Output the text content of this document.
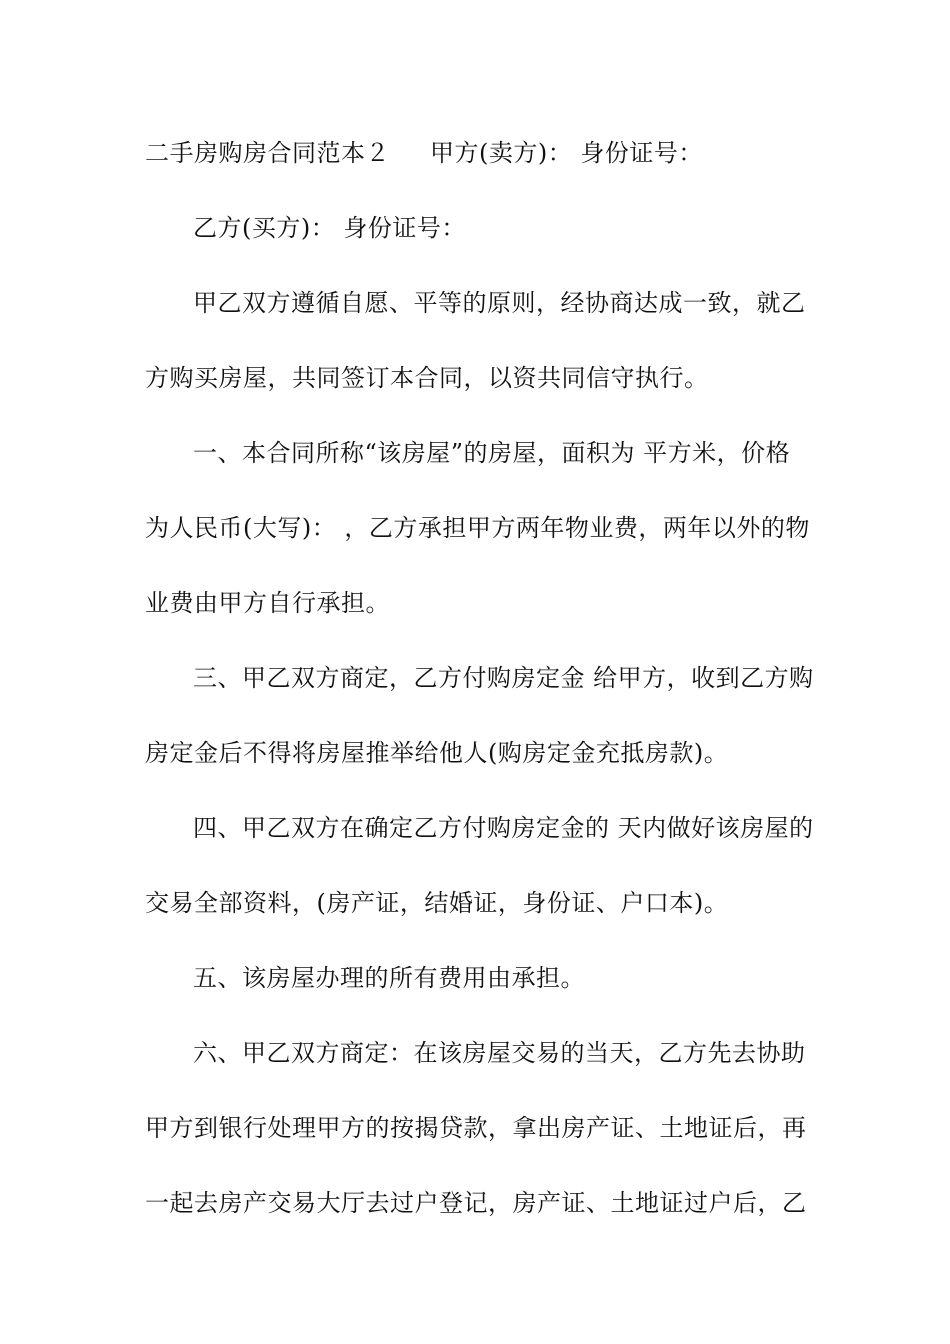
二手房购房合同范本２ 甲方(卖方)： 身份证号：
乙方(买方)： 身份证号：
甲乙双方遵循自愿、平等的原则，经协商达成一致，就乙
方购买房屋，共同签订本合同，以资共同信守执行。
一、本合同所称“该房屋”的房屋，面积为 平方米，价格
为人民币(大写)： ，乙方承担甲方两年物业费，两年以外的物
业费由甲方自行承担。
三、甲乙双方商定，乙方付购房定金 给甲方，收到乙方购
房定金后不得将房屋推举给他人(购房定金充抵房款)。
四、甲乙双方在确定乙方付购房定金的 天内做好该房屋的
交易全部资料，(房产证，结婚证，身份证、户口本)。
五、该房屋办理的所有费用由承担。
六、甲乙双方商定：在该房屋交易的当天，乙方先去协助
甲方到银行处理甲方的按揭贷款，拿出房产证、土地证后，再
一起去房产交易大厅去过户登记，房产证、土地证过户后，乙
